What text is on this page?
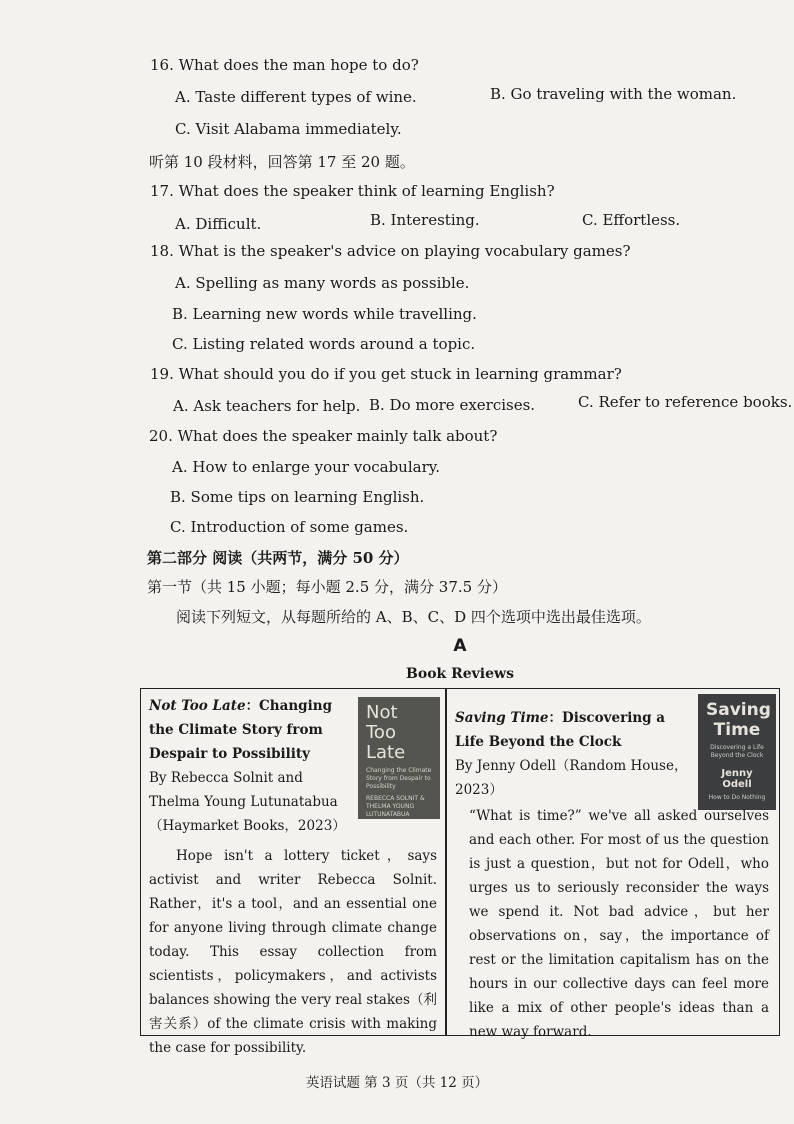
16. What does the man hope to do?
A. Taste different types of wine.	B. Go traveling with the woman.
C. Visit Alabama immediately.
听第 10 段材料，回答第 17 至 20 题。
17. What does the speaker think of learning English?
A. Difficult.	B. Interesting.	C. Effortless.
18. What is the speaker's advice on playing vocabulary games?
A. Spelling as many words as possible.
B. Learning new words while travelling.
C. Listing related words around a topic.
19. What should you do if you get stuck in learning grammar?
A. Ask teachers for help. B. Do more exercises.	C. Refer to reference books.
20. What does the speaker mainly talk about?
A. How to enlarge your vocabulary.
B. Some tips on learning English.
C. Introduction of some games.
第二部分 阅读（共两节，满分 50 分）
第一节（共 15 小题；每小题 2.5 分，满分 37.5 分）
阅读下列短文，从每题所给的 A、B、C、D 四个选项中选出最佳选项。
A
Book Reviews
Not Too Late
Changing the Climate Story from Despair to Possibility
REBECCA SOLNIT & THELMA YOUNG LUTUNATABUA

Not Too Late：Changing the Climate Story from Despair to Possibility

By Rebecca Solnit and Thelma Young Lutunatabua（Haymarket Books，2023）

Hope isn't a lottery ticket，says activist and writer Rebecca Solnit. Rather，it's a tool，and an essential one for anyone living through climate change today. This essay collection from scientists，policymakers，and activists balances showing the very real stakes（利害关系）of the climate crisis with making the case for possibility.

Saving Time
Discovering a Life Beyond the Clock
Jenny Odell
How to Do Nothing

Saving Time：Discovering a Life Beyond the Clock

By Jenny Odell（Random House，2023）

“What is time?” we've all asked ourselves and each other. For most of us the question is just a question，but not for Odell，who urges us to seriously reconsider the ways we spend it. Not bad advice，but her observations on，say，the importance of rest or the limitation capitalism has on the hours in our collective days can feel more like a mix of other people's ideas than a new way forward.

英语试题 第 3 页（共 12 页）
